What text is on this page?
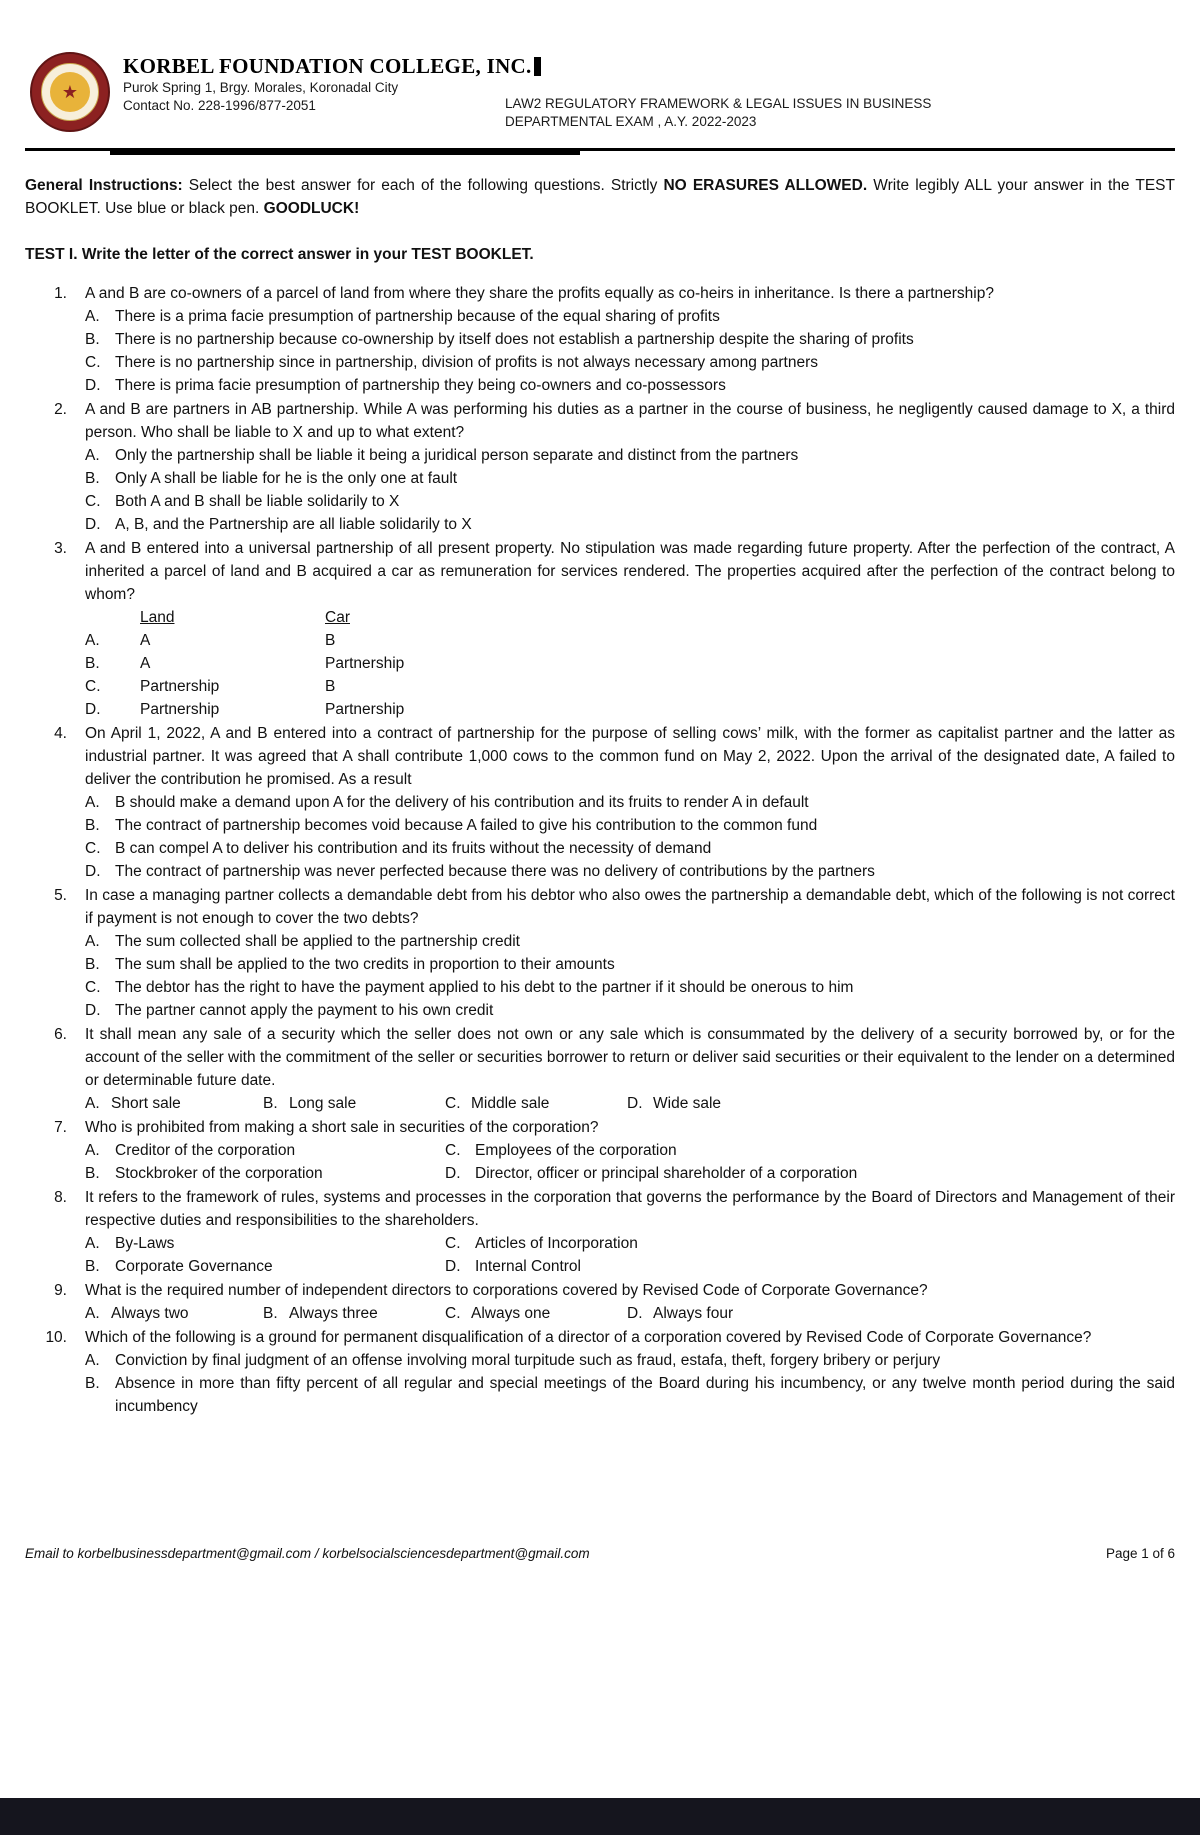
★
KORBEL FOUNDATION COLLEGE, INC.
Purok Spring 1, Brgy. Morales, Koronadal City
Contact No. 228-1996/877-2051	LAW2 REGULATORY FRAMEWORK & LEGAL ISSUES IN BUSINESS
DEPARTMENTAL EXAM , A.Y. 2022-2023

General Instructions: Select the best answer for each of the following questions. Strictly NO ERASURES ALLOWED. Write legibly ALL your answer in the TEST BOOKLET. Use blue or black pen. GOODLUCK!

TEST I. Write the letter of the correct answer in your TEST BOOKLET.

1.	A and B are co-owners of a parcel of land from where they share the profits equally as co-heirs in inheritance. Is there a partnership?
A. There is a prima facie presumption of partnership because of the equal sharing of profits
B. There is no partnership because co-ownership by itself does not establish a partnership despite the sharing of profits
C. There is no partnership since in partnership, division of profits is not always necessary among partners
D. There is prima facie presumption of partnership they being co-owners and co-possessors
2.	A and B are partners in AB partnership. While A was performing his duties as a partner in the course of business, he negligently caused damage to X, a third person. Who shall be liable to X and up to what extent?
A. Only the partnership shall be liable it being a juridical person separate and distinct from the partners
B. Only A shall be liable for he is the only one at fault
C. Both A and B shall be liable solidarily to X
D. A, B, and the Partnership are all liable solidarily to X
3.	A and B entered into a universal partnership of all present property. No stipulation was made regarding future property. After the perfection of the contract, A inherited a parcel of land and B acquired a car as remuneration for services rendered. The properties acquired after the perfection of the contract belong to whom?
Land	Car
A.	A	B
B.	A	Partnership
C.	Partnership	B
D.	Partnership	Partnership
4.	On April 1, 2022, A and B entered into a contract of partnership for the purpose of selling cows’ milk, with the former as capitalist partner and the latter as industrial partner. It was agreed that A shall contribute 1,000 cows to the common fund on May 2, 2022. Upon the arrival of the designated date, A failed to deliver the contribution he promised. As a result
A. B should make a demand upon A for the delivery of his contribution and its fruits to render A in default
B. The contract of partnership becomes void because A failed to give his contribution to the common fund
C. B can compel A to deliver his contribution and its fruits without the necessity of demand
D. The contract of partnership was never perfected because there was no delivery of contributions by the partners
5.	In case a managing partner collects a demandable debt from his debtor who also owes the partnership a demandable debt, which of the following is not correct if payment is not enough to cover the two debts?
A. The sum collected shall be applied to the partnership credit
B. The sum shall be applied to the two credits in proportion to their amounts
C. The debtor has the right to have the payment applied to his debt to the partner if it should be onerous to him
D. The partner cannot apply the payment to his own credit
6.	It shall mean any sale of a security which the seller does not own or any sale which is consummated by the delivery of a security borrowed by, or for the account of the seller with the commitment of the seller or securities borrower to return or deliver said securities or their equivalent to the lender on a determined or determinable future date.
A. Short sale	B. Long sale	C. Middle sale	D. Wide sale
7.	Who is prohibited from making a short sale in securities of the corporation?
A. Creditor of the corporation
B. Stockbroker of the corporation
C. Employees of the corporation
D. Director, officer or principal shareholder of a corporation
8.	It refers to the framework of rules, systems and processes in the corporation that governs the performance by the Board of Directors and Management of their respective duties and responsibilities to the shareholders.
A. By-Laws
B. Corporate Governance
C. Articles of Incorporation
D. Internal Control
9.	What is the required number of independent directors to corporations covered by Revised Code of Corporate Governance?
A. Always two	B. Always three	C. Always one	D. Always four
10.	Which of the following is a ground for permanent disqualification of a director of a corporation covered by Revised Code of Corporate Governance?
A. Conviction by final judgment of an offense involving moral turpitude such as fraud, estafa, theft, forgery bribery or perjury
B. Absence in more than fifty percent of all regular and special meetings of the Board during his incumbency, or any twelve month period during the said incumbency
Email to korbelbusinessdepartment@gmail.com / korbelsocialsciencesdepartment@gmail.com	Page 1 of 6
